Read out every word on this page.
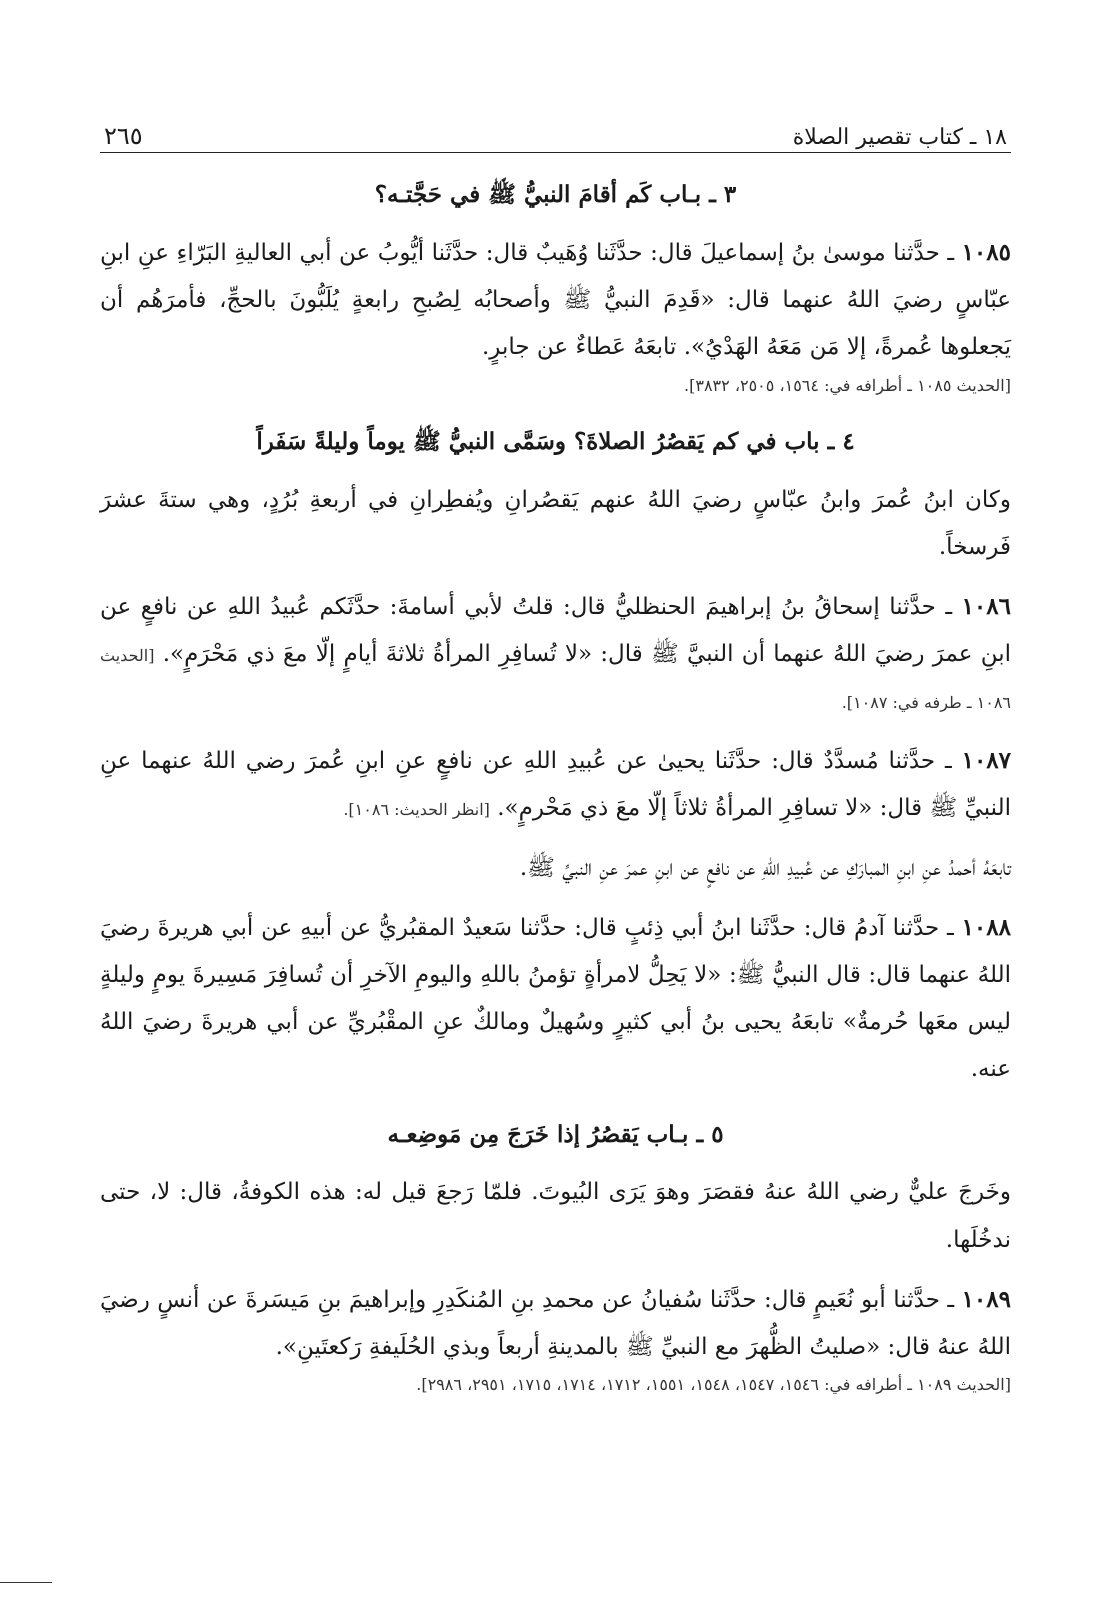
١٨ ـ كتاب تقصير الصلاة
٢٦٥
٣ ـ بـاب كَم أقامَ النبيُّ ﷺ في حَجَّتـه؟

١٠٨٥ ـ حدَّثنا موسىٰ بنُ إسماعيلَ قال: حدَّثَنا وُهَيبٌ قال: حدَّثَنا أيُّوبُ عن أبي العاليةِ البَرّاءِ عنِ ابنِ عبّاسٍ رضيَ اللهُ عنهما قال: «قَدِمَ النبيُّ ﷺ وأصحابُه لِصُبحِ رابعةٍ يُلَبُّونَ بالحجِّ، فأمرَهُم أن يَجعلوها عُمرةً، إلا مَن مَعَهُ الهَدْيُ». تابعَهُ عَطاءٌ عن جابرٍ.

[الحديث ١٠٨٥ ـ أطرافه في: ١٥٦٤، ٢٥٠٥، ٣٨٣٢].

٤ ـ باب في كم يَقصُرُ الصلاةَ؟ وسَمَّى النبيُّ ﷺ يوماً وليلةً سَفَراً

وكان ابنُ عُمرَ وابنُ عبّاسٍ رضيَ اللهُ عنهم يَقصُرانِ ويُفطِرانِ في أربعةِ بُرُدٍ، وهي ستةَ عشرَ فَرسخاً.

١٠٨٦ ـ حدَّثنا إسحاقُ بنُ إبراهيمَ الحنظليُّ قال: قلتُ لأبي أسامةَ: حدَّثَكم عُبيدُ اللهِ عن نافعٍ عن ابنِ عمرَ رضيَ اللهُ عنهما أن النبيَّ ﷺ قال: «لا تُسافِرِ المرأةُ ثلاثةَ أيامٍ إلّا معَ ذي مَحْرَمٍ». [الحديث ١٠٨٦ ـ طرفه في: ١٠٨٧].

١٠٨٧ ـ حدَّثنا مُسدَّدٌ قال: حدَّثَنا يحيىٰ عن عُبيدِ اللهِ عن نافعٍ عنِ ابنِ عُمرَ رضي اللهُ عنهما عنِ النبيِّ ﷺ قال: «لا تسافِرِ المرأةُ ثلاثاً إلّا معَ ذي مَحْرمٍ». [انظر الحديث: ١٠٨٦].

تابعَهُ أحمدُ عنِ ابنِ المبارَكِ عن عُبيدِ اللهِ عن نافعٍ عن ابنِ عمرَ عنِ النبيِّ ﷺ.

١٠٨٨ ـ حدَّثنا آدمُ قال: حدَّثَنا ابنُ أبي ذِئبٍ قال: حدَّثنا سَعيدٌ المقبُريُّ عن أبيهِ عن أبي هريرةَ رضيَ اللهُ عنهما قال: قال النبيُّ ﷺ: «لا يَحِلُّ لامرأةٍ تؤمنُ باللهِ واليومِ الآخرِ أن تُسافِرَ مَسِيرةَ يومٍ وليلةٍ ليس معَها حُرمةٌ» تابعَهُ يحيى بنُ أبي كثيرٍ وسُهيلٌ ومالكٌ عنِ المقْبُريِّ عن أبي هريرةَ رضيَ اللهُ عنه.

٥ ـ بـاب يَقصُرُ إذا خَرَجَ مِن مَوضِعـه

وخَرجَ عليٌّ رضي اللهُ عنهُ فقصَرَ وهوَ يَرَى البُيوتَ. فلمّا رَجعَ قيل له: هذه الكوفةُ، قال: لا، حتى ندخُلَها.

١٠٨٩ ـ حدَّثنا أبو نُعَيمٍ قال: حدَّثَنا سُفيانُ عن محمدِ بنِ المُنكَدِرِ وإبراهيمَ بنِ مَيسَرةَ عن أنسٍ رضيَ اللهُ عنهُ قال: «صليتُ الظُّهرَ مع النبيِّ ﷺ بالمدينةِ أربعاً وبذي الحُلَيفةِ رَكعتَينِ».

[الحديث ١٠٨٩ ـ أطرافه في: ١٥٤٦، ١٥٤٧، ١٥٤٨، ١٥٥١، ١٧١٢، ١٧١٤، ١٧١٥، ٢٩٥١، ٢٩٨٦].
